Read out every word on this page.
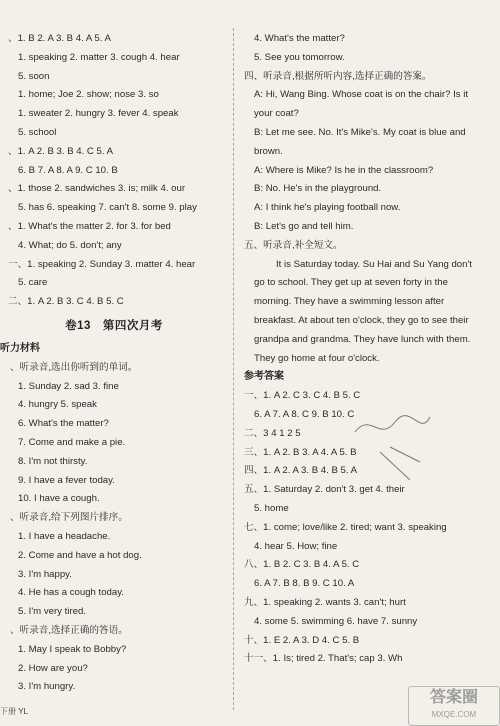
、1. B 2. A 3. B 4. A 5. A
1. speaking 2. matter 3. cough 4. hear
5. soon
1. home; Joe 2. show; nose 3. so
1. sweater 2. hungry 3. fever 4. speak
5. school
、1. A 2. B 3. B 4. C 5. A
6. B 7. A 8. A 9. C 10. B
、1. those 2. sandwiches 3. is; milk 4. our
5. has 6. speaking 7. can't 8. some 9. play
、1. What's the matter 2. for 3. for bed
4. What; do 5. don't; any
一、1. speaking 2. Sunday 3. matter 4. hear
5. care
二、1. A 2. B 3. C 4. B 5. C
卷13　第四次月考
听力材料
、听录音,选出你听到的单词。
1. Sunday 2. sad 3. fine
4. hungry 5. speak
6. What's the matter?
7. Come and make a pie.
8. I'm not thirsty.
9. I have a fever today.
10. I have a cough.
、听录音,给下列图片排序。
1. I have a headache.
2. Come and have a hot dog.
3. I'm happy.
4. He has a cough today.
5. I'm very tired.
、听录音,选择正确的答语。
1. May I speak to Bobby?
2. How are you?
3. I'm hungry.
4. What's the matter?
5. See you tomorrow.
四、听录音,根据所听内容,选择正确的答案。
A: Hi, Wang Bing. Whose coat is on the chair? Is it
your coat?
B: Let me see. No. It's Mike's. My coat is blue and
brown.
A: Where is Mike? Is he in the classroom?
B: No. He's in the playground.
A: I think he's playing football now.
B: Let's go and tell him.
五、听录音,补全短文。
It is Saturday today. Su Hai and Su Yang don't
go to school. They get up at seven forty in the
morning. They have a swimming lesson after
breakfast. At about ten o'clock, they go to see their
grandpa and grandma. They have lunch with them.
They go home at four o'clock.
参考答案
一、1. A 2. C 3. C 4. B 5. C
6. A 7. A 8. C 9. B 10. C
二、3 4 1 2 5
三、1. A 2. B 3. A 4. A 5. B
四、1. A 2. A 3. B 4. B 5. A
五、1. Saturday 2. don't 3. get 4. their
5. home
七、1. come; love/like 2. tired; want 3. speaking
4. hear 5. How; fine
八、1. B 2. C 3. B 4. A 5. C
6. A 7. B 8. B 9. C 10. A
九、1. speaking 2. wants 3. can't; hurt
4. some 5. swimming 6. have 7. sunny
十、1. E 2. A 3. D 4. C 5. B
十一、1. Is; tired 2. That's; cap 3. Wh
下册 YL
答案圈
MXQE.COM
